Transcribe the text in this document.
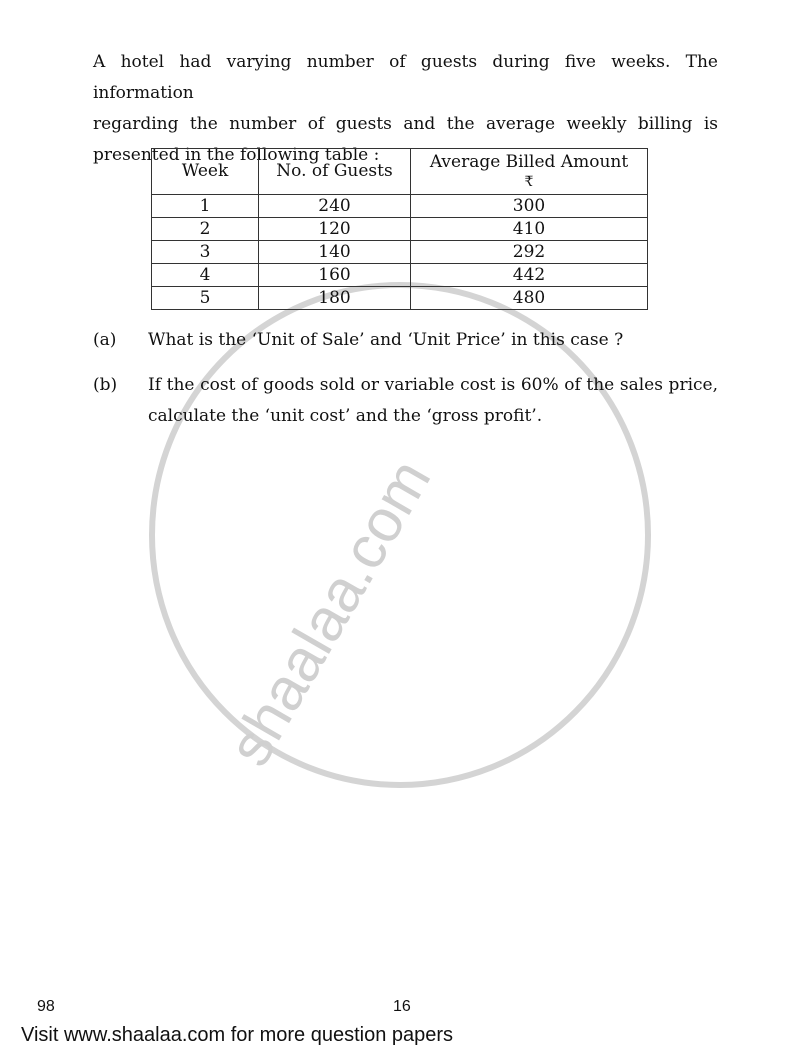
shaalaa.com
A hotel had varying number of guests during five weeks. The information
regarding the number of guests and the average weekly billing is
presented in the following table :
Week	No. of Guests	Average Billed Amount
₹

1	240	300
2	120	410
3	140	292
4	160	442
5	180	480
(a) What is the ‘Unit of Sale’ and ‘Unit Price’ in this case ?
(b) If the cost of goods sold or variable cost is 60% of the sales price,
calculate the ‘unit cost’ and the ‘gross profit’.
98	16
Visit www.shaalaa.com for more question papers
